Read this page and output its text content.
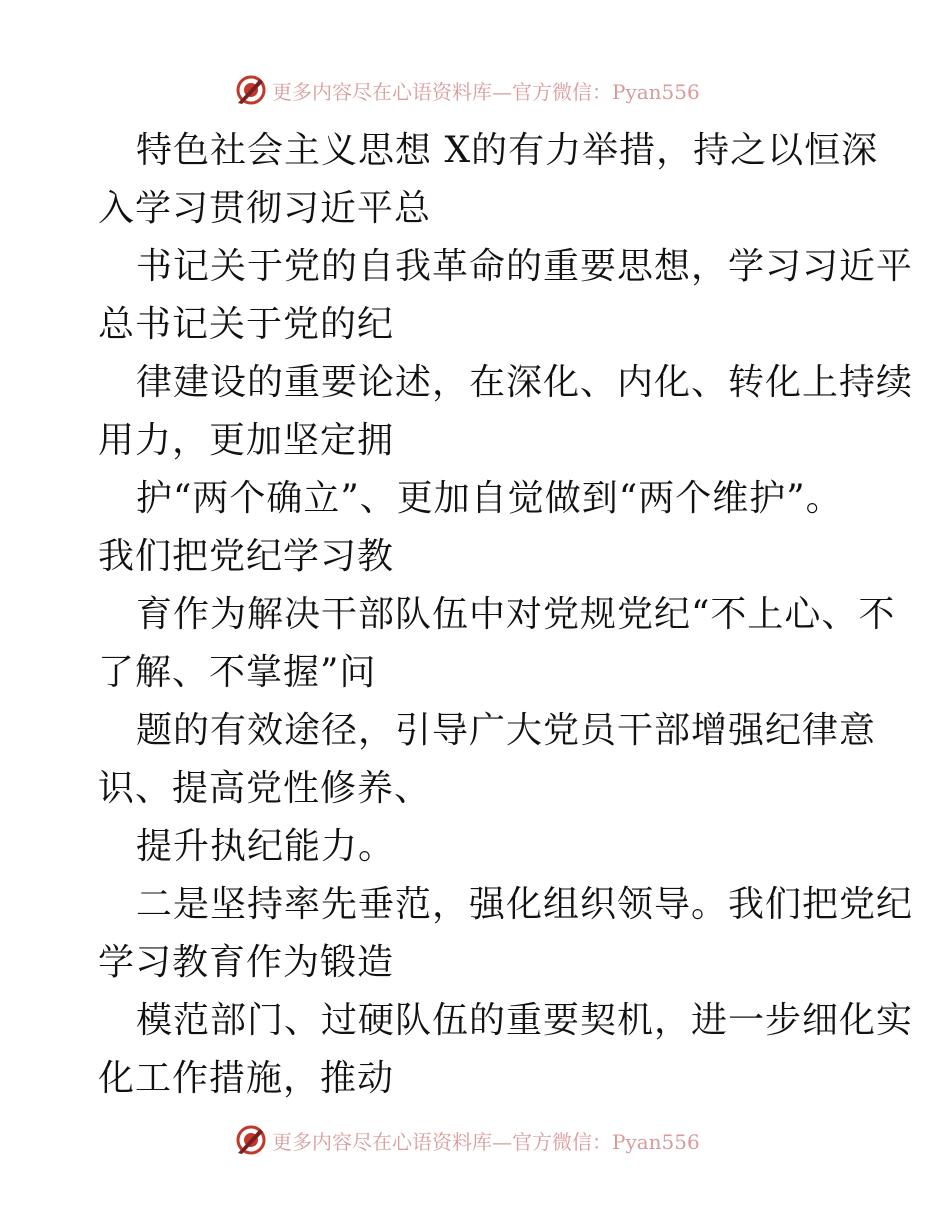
更多内容尽在心语资料库—官方微信：Pyan556
特色社会主义思想 X的有力举措，持之以恒深
入学习贯彻习近平总
书记关于党的自我革命的重要思想，学习习近平
总书记关于党的纪
律建设的重要论述，在深化、内化、转化上持续
用力，更加坚定拥
护“两个确立”、更加自觉做到“两个维护”。
我们把党纪学习教
育作为解决干部队伍中对党规党纪“不上心、不
了解、不掌握”问
题的有效途径，引导广大党员干部增强纪律意
识、提高党性修养、
提升执纪能力。
二是坚持率先垂范，强化组织领导。我们把党纪
学习教育作为锻造
模范部门、过硬队伍的重要契机，进一步细化实
化工作措施，推动
更多内容尽在心语资料库—官方微信：Pyan556
